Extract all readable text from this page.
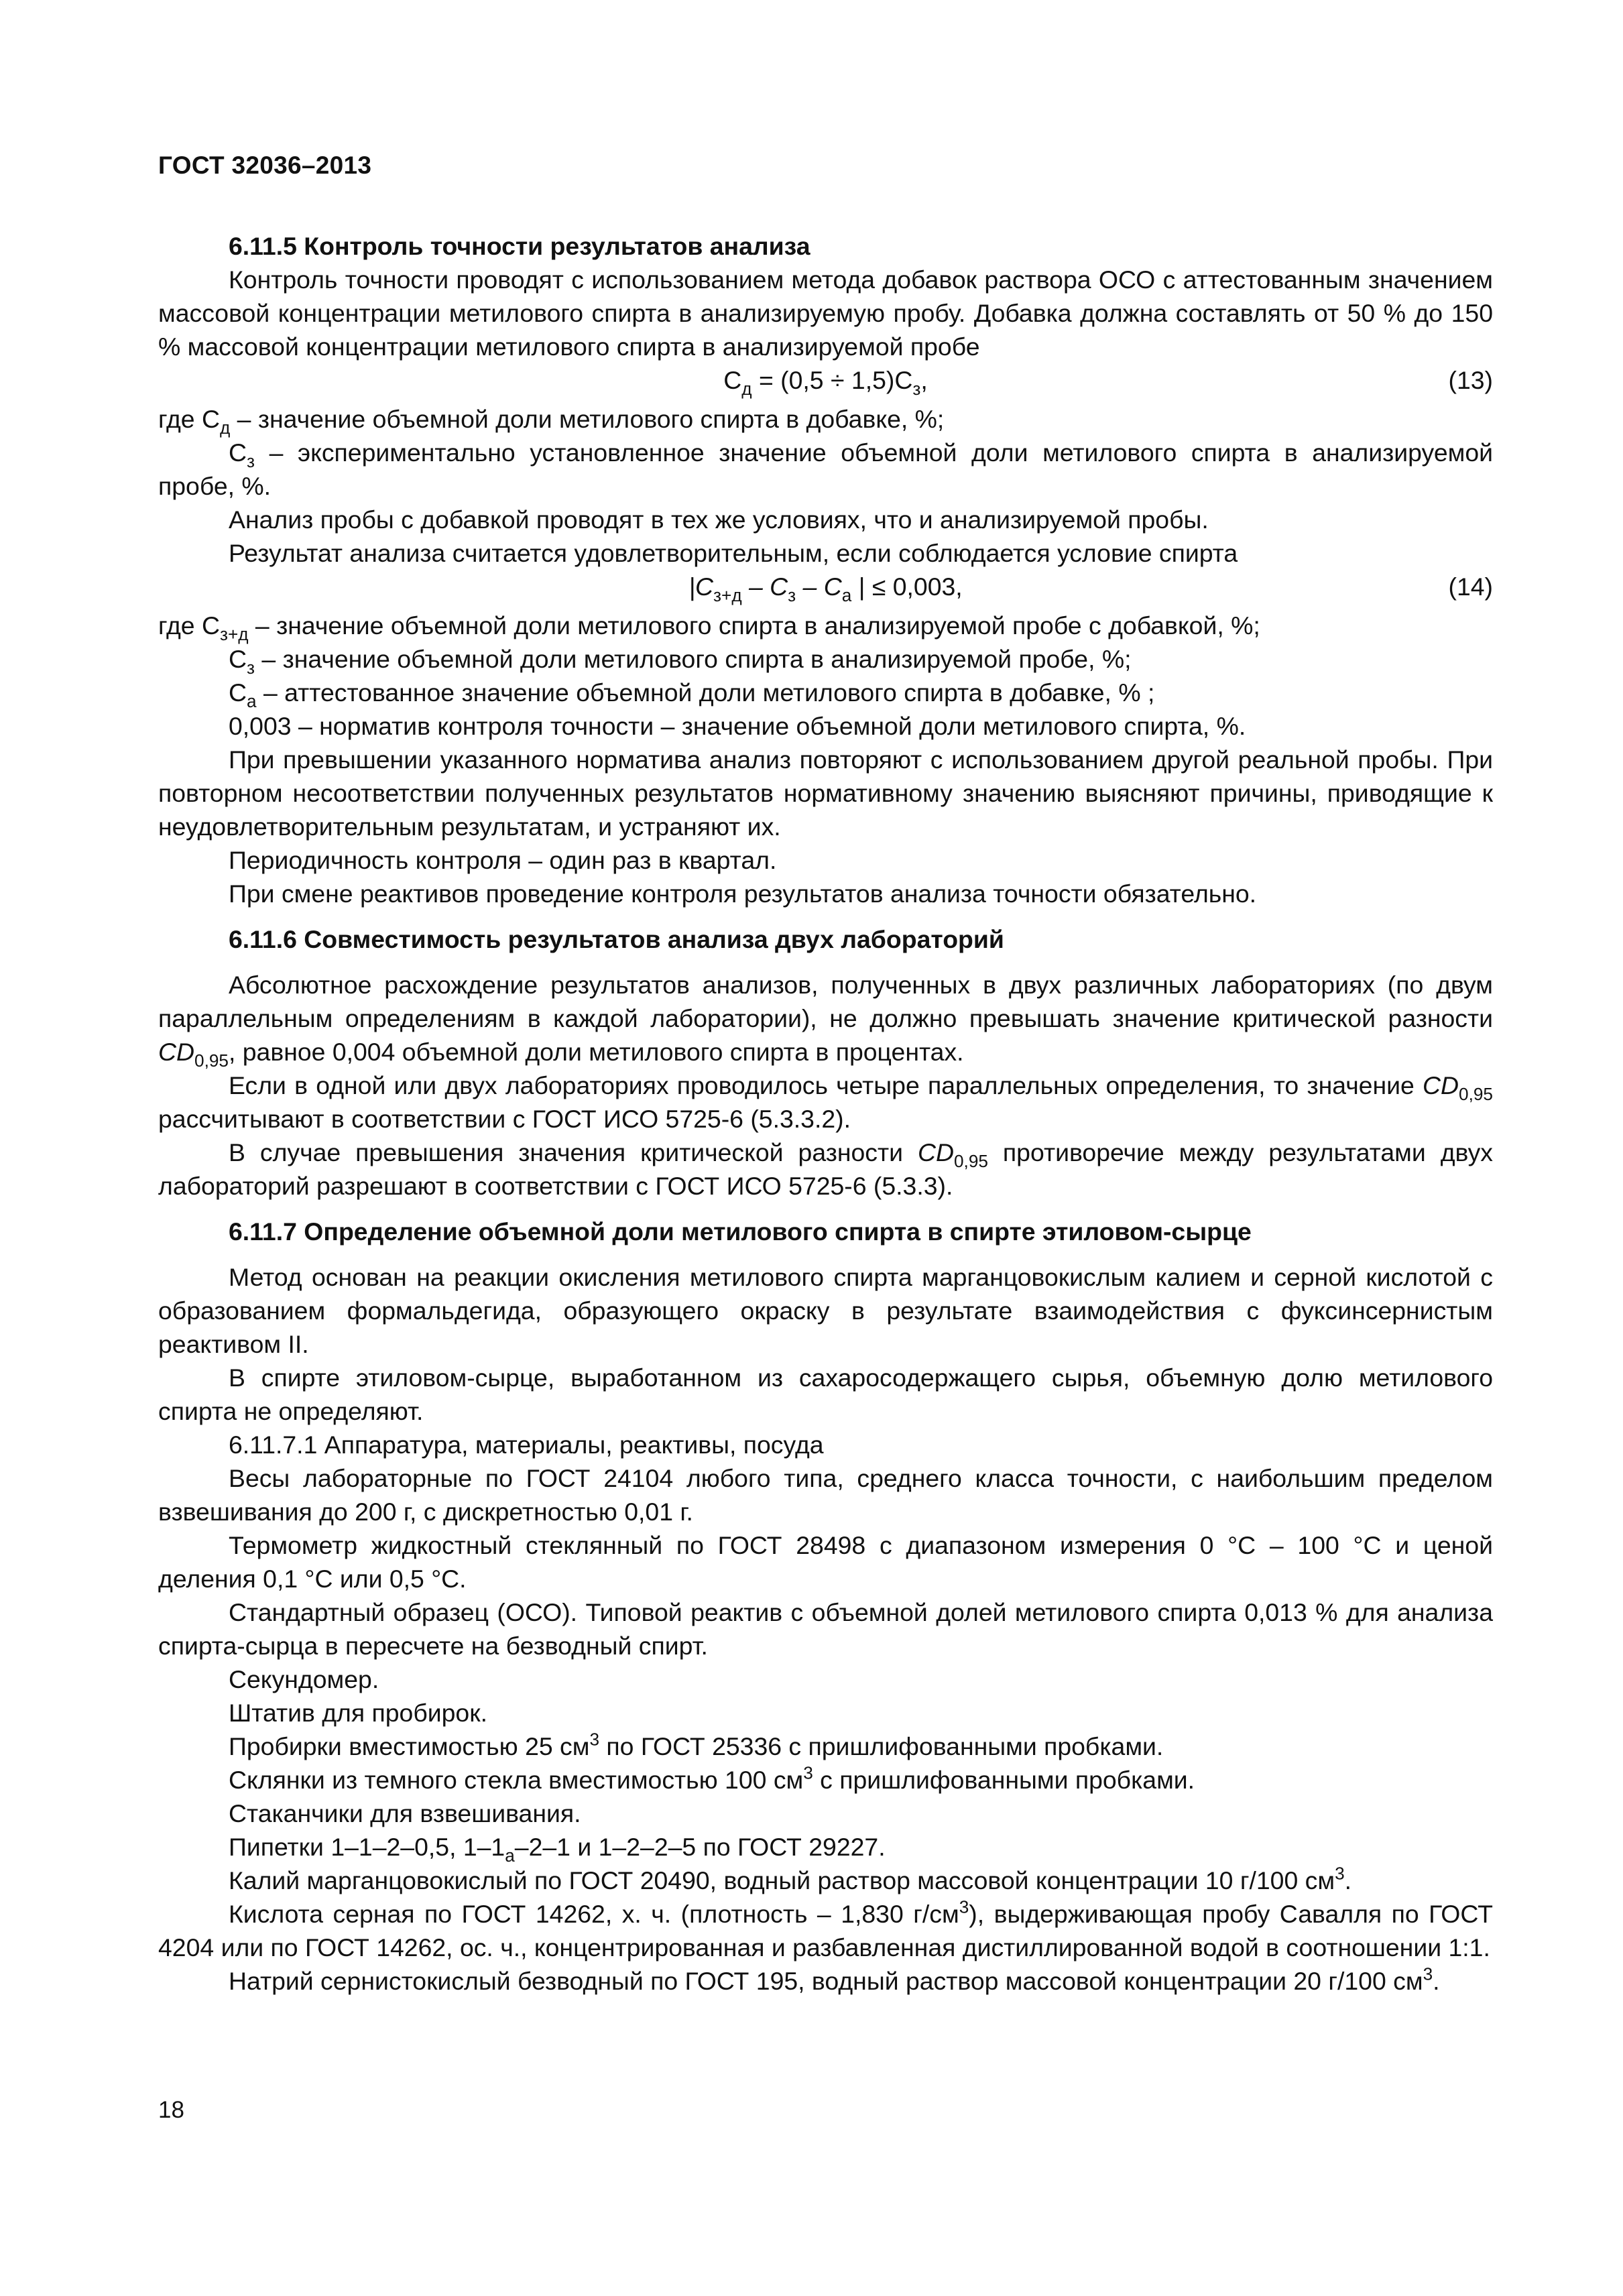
ГОСТ 32036–2013

6.11.5 Контроль точности результатов анализа

Контроль точности проводят с использованием метода добавок раствора ОСО с аттестованным значением массовой концентрации метилового спирта в анализируемую пробу. Добавка должна составлять от 50 % до 150 % массовой концентрации метилового спирта в анализируемой пробе

$С_д = (0,5 \div 1,5)С_з$,	(13)

где $С_д$ – значение объемной доли метилового спирта в добавке, %;

$С_з$ – экспериментально установленное значение объемной доли метилового спирта в анализируемой пробе, %.

Анализ пробы с добавкой проводят в тех же условиях, что и анализируемой пробы.

Результат анализа считается удовлетворительным, если соблюдается условие спирта

$|C_{з+д} - C_з - C_а$ | ≤ 0,003,	(14)

где $С_{з+д}$ – значение объемной доли метилового спирта в анализируемой пробе с добавкой, %;

$С_з$ – значение объемной доли метилового спирта в анализируемой пробе, %;

$С_а$ – аттестованное значение объемной доли метилового спирта в добавке, % ;

0,003 – норматив контроля точности – значение объемной доли метилового спирта, %.

При превышении указанного норматива анализ повторяют с использованием другой реальной пробы. При повторном несоответствии полученных результатов нормативному значению выясняют причины, приводящие к неудовлетворительным результатам, и устраняют их.

Периодичность контроля – один раз в квартал.

При смене реактивов проведение контроля результатов анализа точности обязательно.

6.11.6 Совместимость результатов анализа двух лабораторий

Абсолютное расхождение результатов анализов, полученных в двух различных лабораториях (по двум параллельным определениям в каждой лаборатории), не должно превышать значение критической разности $CD_{0,95}$, равное 0,004 объемной доли метилового спирта в процентах.

Если в одной или двух лабораториях проводилось четыре параллельных определения, то значение $CD_{0,95}$ рассчитывают в соответствии с ГОСТ ИСО 5725-6 (5.3.3.2).

В случае превышения значения критической разности $CD_{0,95}$ противоречие между результатами двух лабораторий разрешают в соответствии с ГОСТ ИСО 5725-6 (5.3.3).

6.11.7 Определение объемной доли метилового спирта в спирте этиловом-сырце

Метод основан на реакции окисления метилового спирта марганцовокислым калием и серной кислотой с образованием формальдегида, образующего окраску в результате взаимодействия с фуксинсернистым реактивом II.

В спирте этиловом-сырце, выработанном из сахаросодержащего сырья, объемную долю метилового спирта не определяют.

6.11.7.1 Аппаратура, материалы, реактивы, посуда

Весы лабораторные по ГОСТ 24104 любого типа, среднего класса точности, с наибольшим пределом взвешивания до 200 г, с дискретностью 0,01 г.

Термометр жидкостный стеклянный по ГОСТ 28498 с диапазоном измерения 0 °С – 100 °С и ценой деления 0,1 °С или 0,5 °С.

Стандартный образец (ОСО). Типовой реактив с объемной долей метилового спирта 0,013 % для анализа спирта-сырца в пересчете на безводный спирт.

Секундомер.

Штатив для пробирок.

Пробирки вместимостью 25 $см^3$ по ГОСТ 25336 с пришлифованными пробками.

Склянки из темного стекла вместимостью 100 $см^3$ с пришлифованными пробками.

Стаканчики для взвешивания.

Пипетки 1–1–2–0,5, $1-1_а-2-1$ и 1–2–2–5 по ГОСТ 29227.

Калий марганцовокислый по ГОСТ 20490, водный раствор массовой концентрации 10 г/100 $см^3$.

Кислота серная по ГОСТ 14262, х. ч. (плотность – 1,830 $г/см^3$), выдерживающая пробу Савалля по ГОСТ 4204 или по ГОСТ 14262, ос. ч., концентрированная и разбавленная дистиллированной водой в соотношении 1:1.

Натрий сернистокислый безводный по ГОСТ 195, водный раствор массовой концентрации 20 г/100 $см^3$.

18
